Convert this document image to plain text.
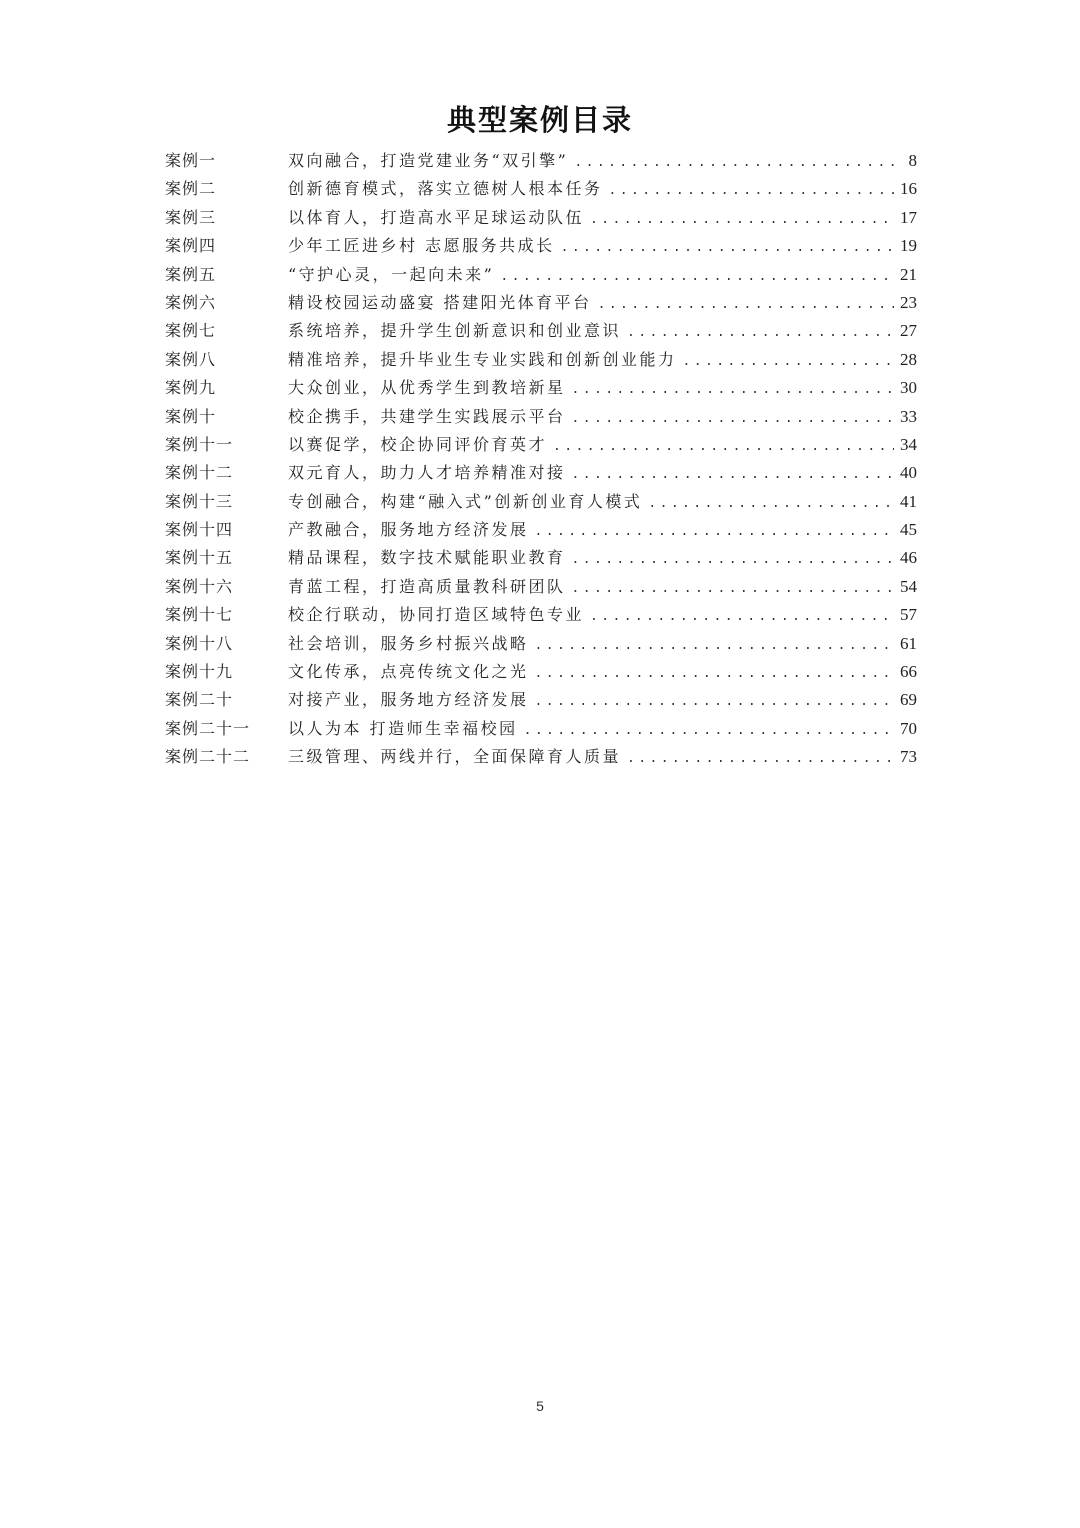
典型案例目录
案例一	双向融合，打造党建业务“双引擎” .....	8
案例二	创新德育模式，落实立德树人根本任务 .....	16
案例三	以体育人，打造高水平足球运动队伍 .....	17
案例四	少年工匠进乡村 志愿服务共成长 .....	19
案例五	“守护心灵，一起向未来” .....	21
案例六	精设校园运动盛宴 搭建阳光体育平台 .....	23
案例七	系统培养，提升学生创新意识和创业意识 .....	27
案例八	精准培养，提升毕业生专业实践和创新创业能力 .....	28
案例九	大众创业，从优秀学生到教培新星 .....	30
案例十	校企携手，共建学生实践展示平台 .....	33
案例十一	以赛促学，校企协同评价育英才 .....	34
案例十二	双元育人，助力人才培养精准对接 .....	40
案例十三	专创融合，构建“融入式”创新创业育人模式 .....	41
案例十四	产教融合，服务地方经济发展 .....	45
案例十五	精品课程，数字技术赋能职业教育 .....	46
案例十六	青蓝工程，打造高质量教科研团队 .....	54
案例十七	校企行联动，协同打造区域特色专业 .....	57
案例十八	社会培训，服务乡村振兴战略 .....	61
案例十九	文化传承，点亮传统文化之光 .....	66
案例二十	对接产业，服务地方经济发展 .....	69
案例二十一	以人为本 打造师生幸福校园 .....	70
案例二十二	三级管理、两线并行，全面保障育人质量 .....	73
5
